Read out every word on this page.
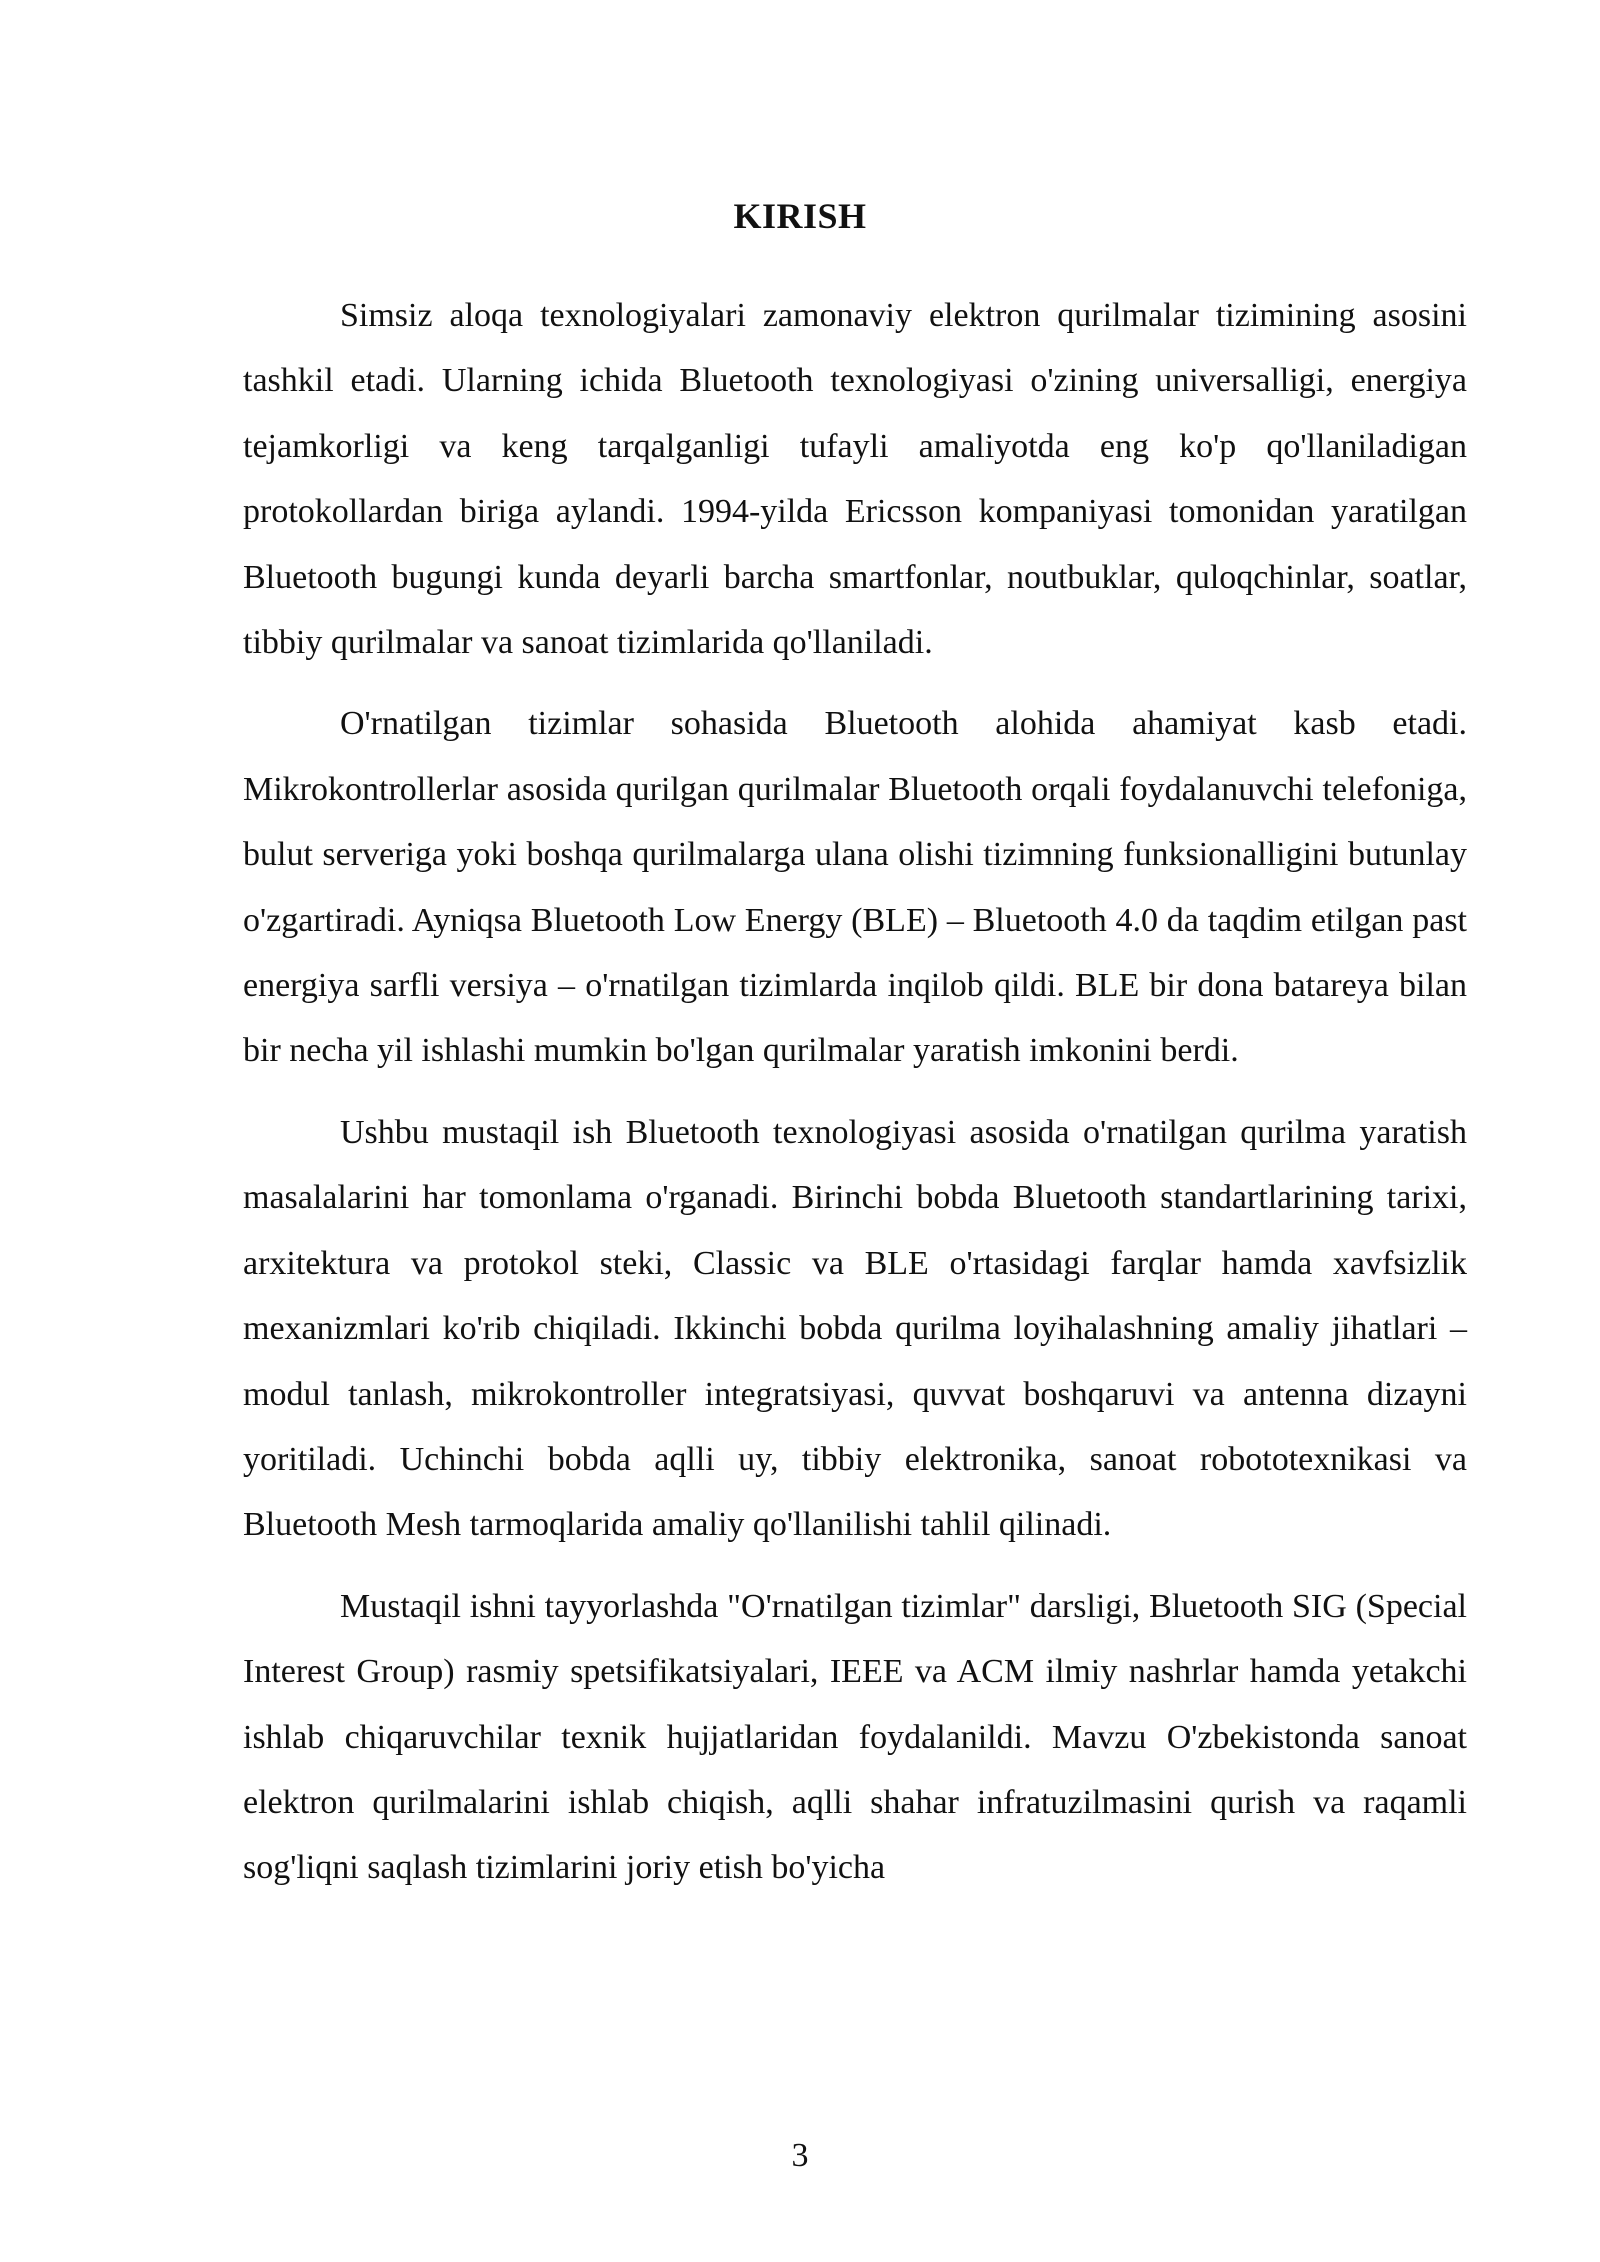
KIRISH

Simsiz aloqa texnologiyalari zamonaviy elektron qurilmalar tizimining asosini tashkil etadi. Ularning ichida Bluetooth texnologiyasi o'zining universalligi, energiya tejamkorligi va keng tarqalganligi tufayli amaliyotda eng ko'p qo'llaniladigan protokollardan biriga aylandi. 1994-yilda Ericsson kompaniyasi tomonidan yaratilgan Bluetooth bugungi kunda deyarli barcha smartfonlar, noutbuklar, quloqchinlar, soatlar, tibbiy qurilmalar va sanoat tizimlarida qo'llaniladi.

O'rnatilgan tizimlar sohasida Bluetooth alohida ahamiyat kasb etadi. Mikrokontrollerlar asosida qurilgan qurilmalar Bluetooth orqali foydalanuvchi telefoniga, bulut serveriga yoki boshqa qurilmalarga ulana olishi tizimning funksionalligini butunlay o'zgartiradi. Ayniqsa Bluetooth Low Energy (BLE) – Bluetooth 4.0 da taqdim etilgan past energiya sarfli versiya – o'rnatilgan tizimlarda inqilob qildi. BLE bir dona batareya bilan bir necha yil ishlashi mumkin bo'lgan qurilmalar yaratish imkonini berdi.

Ushbu mustaqil ish Bluetooth texnologiyasi asosida o'rnatilgan qurilma yaratish masalalarini har tomonlama o'rganadi. Birinchi bobda Bluetooth standartlarining tarixi, arxitektura va protokol steki, Classic va BLE o'rtasidagi farqlar hamda xavfsizlik mexanizmlari ko'rib chiqiladi. Ikkinchi bobda qurilma loyihalashning amaliy jihatlari – modul tanlash, mikrokontroller integratsiyasi, quvvat boshqaruvi va antenna dizayni yoritiladi. Uchinchi bobda aqlli uy, tibbiy elektronika, sanoat robototexnikasi va Bluetooth Mesh tarmoqlarida amaliy qo'llanilishi tahlil qilinadi.

Mustaqil ishni tayyorlashda "O'rnatilgan tizimlar" darsligi, Bluetooth SIG (Special Interest Group) rasmiy spetsifikatsiyalari, IEEE va ACM ilmiy nashrlar hamda yetakchi ishlab chiqaruvchilar texnik hujjatlaridan foydalanildi. Mavzu O'zbekistonda sanoat elektron qurilmalarini ishlab chiqish, aqlli shahar infratuzilmasini qurish va raqamli sog'liqni saqlash tizimlarini joriy etish bo'yicha

3
